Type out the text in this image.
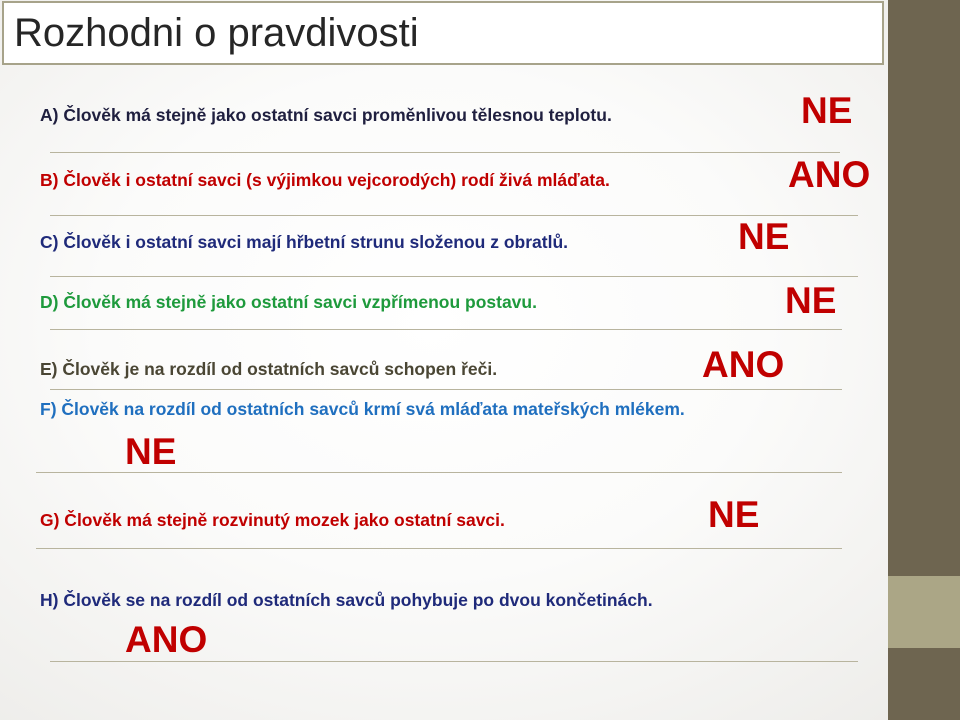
Rozhodni o pravdivosti
A) Člověk má stejně jako ostatní savci proměnlivou tělesnou teplotu.	NE
B) Člověk i ostatní savci (s výjimkou vejcorodých) rodí živá mláďata.	ANO
C) Člověk i ostatní savci mají hřbetní strunu složenou z obratlů.	NE
D) Člověk má stejně jako ostatní savci vzpřímenou postavu.	NE
E) Člověk je na rozdíl od ostatních savců schopen řeči.	ANO
F) Člověk na rozdíl od ostatních savců krmí svá mláďata mateřských mlékem.
NE
G) Člověk má stejně rozvinutý mozek jako ostatní savci.	NE
H) Člověk se na rozdíl od ostatních savců pohybuje po dvou končetinách.
ANO
